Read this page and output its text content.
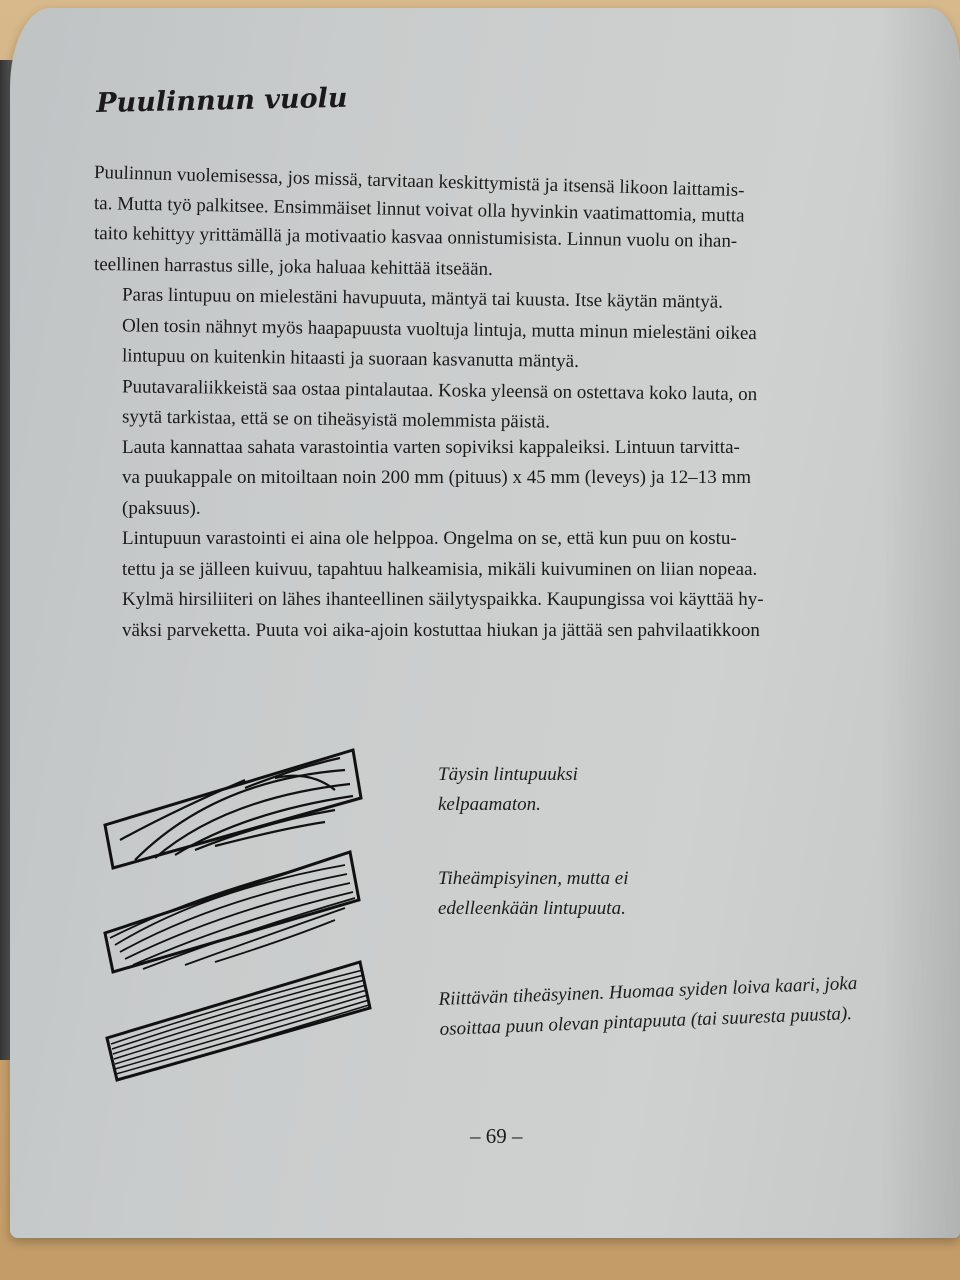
Puulinnun vuolu

Puulinnun vuolemisessa, jos missä, tarvitaan keskittymistä ja itsensä likoon laittamis-
ta. Mutta työ palkitsee. Ensimmäiset linnut voivat olla hyvinkin vaatimattomia, mutta
taito kehittyy yrittämällä ja motivaatio kasvaa onnistumisista. Linnun vuolu on ihan-
teellinen harrastus sille, joka haluaa kehittää itseään.

Paras lintupuu on mielestäni havupuuta, mäntyä tai kuusta. Itse käytän mäntyä.
Olen tosin nähnyt myös haapapuusta vuoltuja lintuja, mutta minun mielestäni oikea
lintupuu on kuitenkin hitaasti ja suoraan kasvanutta mäntyä.

Puutavaraliikkeistä saa ostaa pintalautaa. Koska yleensä on ostettava koko lauta, on
syytä tarkistaa, että se on tiheäsyistä molemmista päistä.

Lauta kannattaa sahata varastointia varten sopiviksi kappaleiksi. Lintuun tarvitta-
va puukappale on mitoiltaan noin 200 mm (pituus) x 45 mm (leveys) ja 12–13 mm
(paksuus).

Lintupuun varastointi ei aina ole helppoa. Ongelma on se, että kun puu on kostu-
tettu ja se jälleen kuivuu, tapahtuu halkeamisia, mikäli kuivuminen on liian nopeaa.
Kylmä hirsiliiteri on lähes ihanteellinen säilytyspaikka. Kaupungissa voi käyttää hy-
väksi parveketta. Puuta voi aika-ajoin kostuttaa hiukan ja jättää sen pahvilaatikkoon

Täysin lintupuuksi
kelpaamaton.
Tiheämpisyinen, mutta ei
edelleenkään lintupuuta.
Riittävän tiheäsyinen. Huomaa syiden loiva kaari, joka
osoittaa puun olevan pintapuuta (tai suuresta puusta).
– 69 –
